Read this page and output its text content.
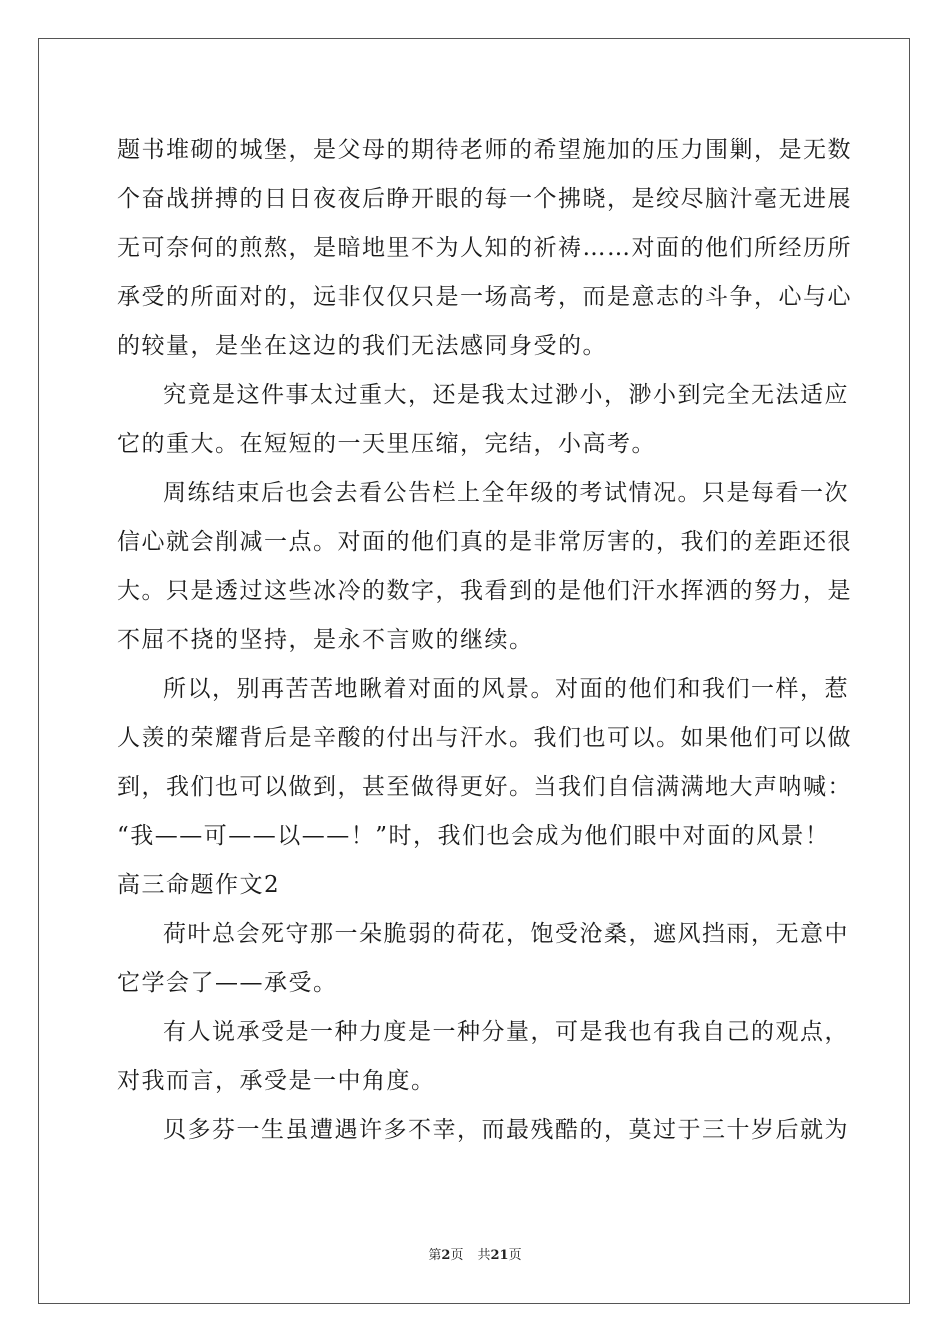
题书堆砌的城堡，是父母的期待老师的希望施加的压力围剿，是无数
个奋战拼搏的日日夜夜后睁开眼的每一个拂晓，是绞尽脑汁毫无进展
无可奈何的煎熬，是暗地里不为人知的祈祷……对面的他们所经历所
承受的所面对的，远非仅仅只是一场高考，而是意志的斗争，心与心
的较量，是坐在这边的我们无法感同身受的。
究竟是这件事太过重大，还是我太过渺小，渺小到完全无法适应
它的重大。在短短的一天里压缩，完结，小高考。
周练结束后也会去看公告栏上全年级的考试情况。只是每看一次
信心就会削减一点。对面的他们真的是非常厉害的，我们的差距还很
大。只是透过这些冰冷的数字，我看到的是他们汗水挥洒的努力，是
不屈不挠的坚持，是永不言败的继续。
所以，别再苦苦地瞅着对面的风景。对面的他们和我们一样，惹
人羡的荣耀背后是辛酸的付出与汗水。我们也可以。如果他们可以做
到，我们也可以做到，甚至做得更好。当我们自信满满地大声呐喊：
“我——可——以——！”时，我们也会成为他们眼中对面的风景！
高三命题作文2
荷叶总会死守那一朵脆弱的荷花，饱受沧桑，遮风挡雨，无意中
它学会了——承受。
有人说承受是一种力度是一种分量，可是我也有我自己的观点，
对我而言，承受是一中角度。
贝多芬一生虽遭遇许多不幸，而最残酷的，莫过于三十岁后就为
第2页 共21页
